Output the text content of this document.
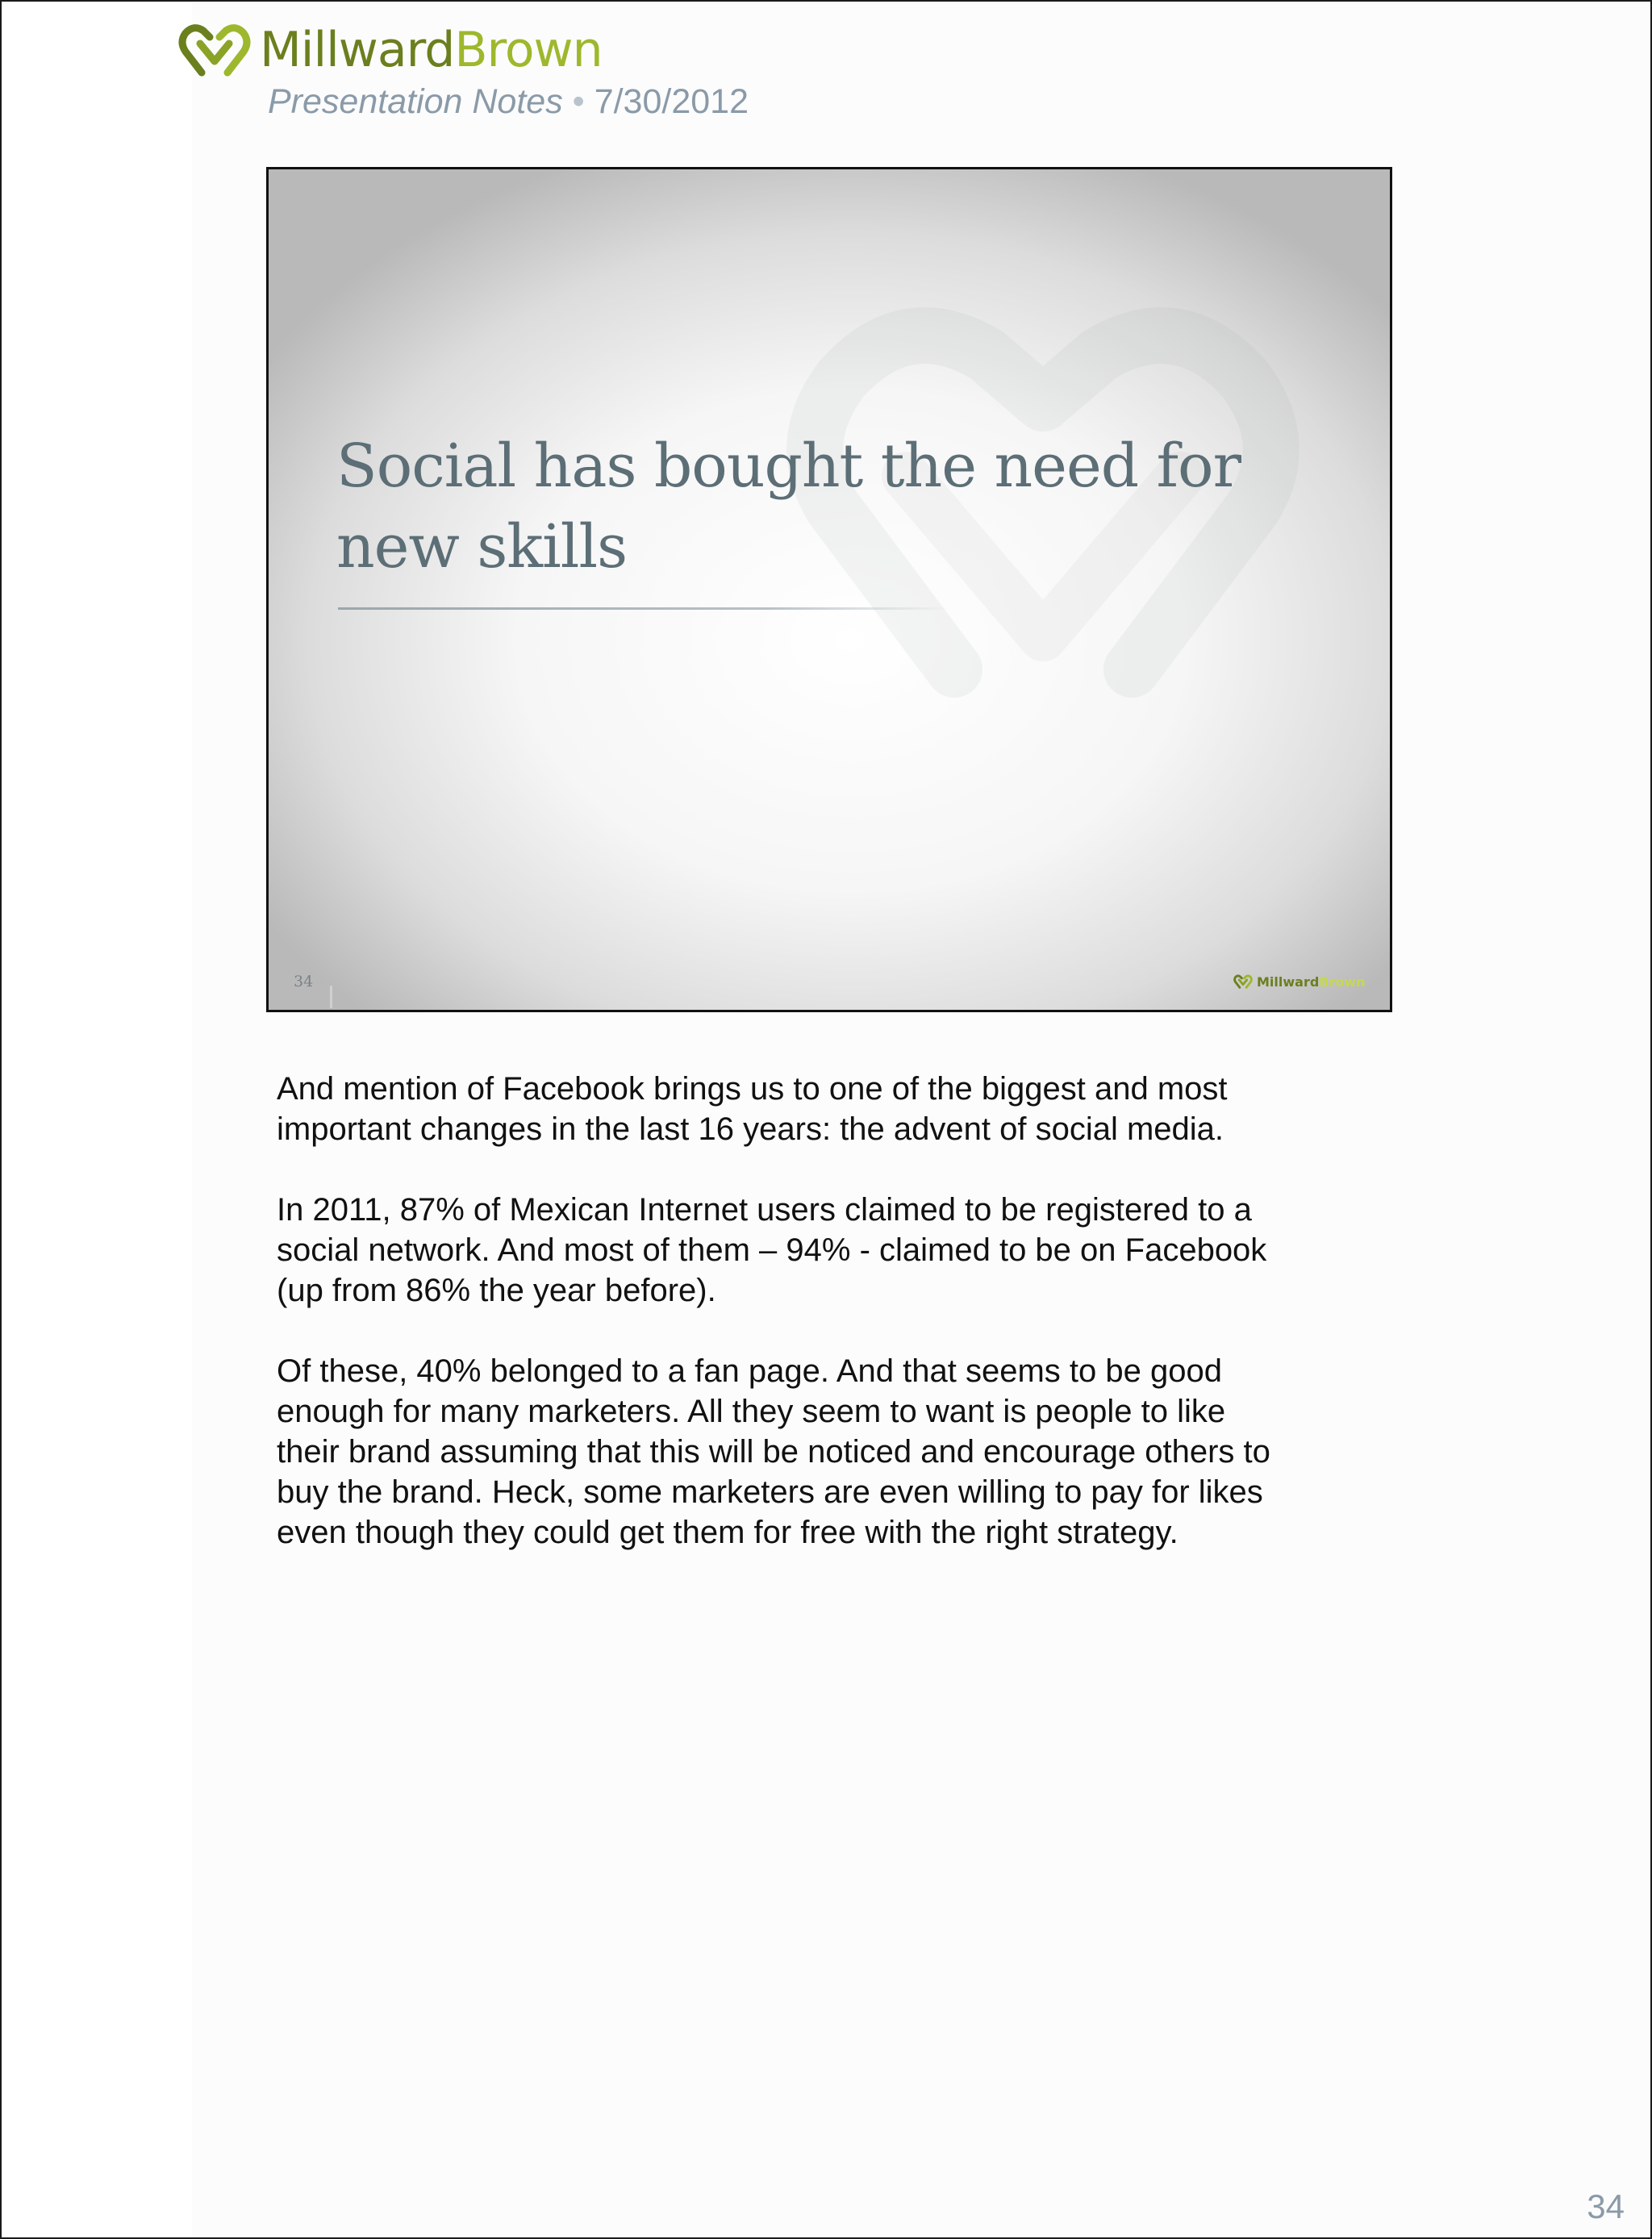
MillwardBrown
Presentation Notes • 7/30/2012
Social has bought the need for
new skills
34	MillwardBrown

And mention of Facebook brings us to one of the biggest and most
important changes in the last 16 years: the advent of social media.

In 2011, 87% of Mexican Internet users claimed to be registered to a
social network. And most of them – 94% - claimed to be on Facebook
(up from 86% the year before).

Of these, 40% belonged to a fan page. And that seems to be good
enough for many marketers. All they seem to want is people to like
their brand assuming that this will be noticed and encourage others to
buy the brand. Heck, some marketers are even willing to pay for likes
even though they could get them for free with the right strategy.

34
